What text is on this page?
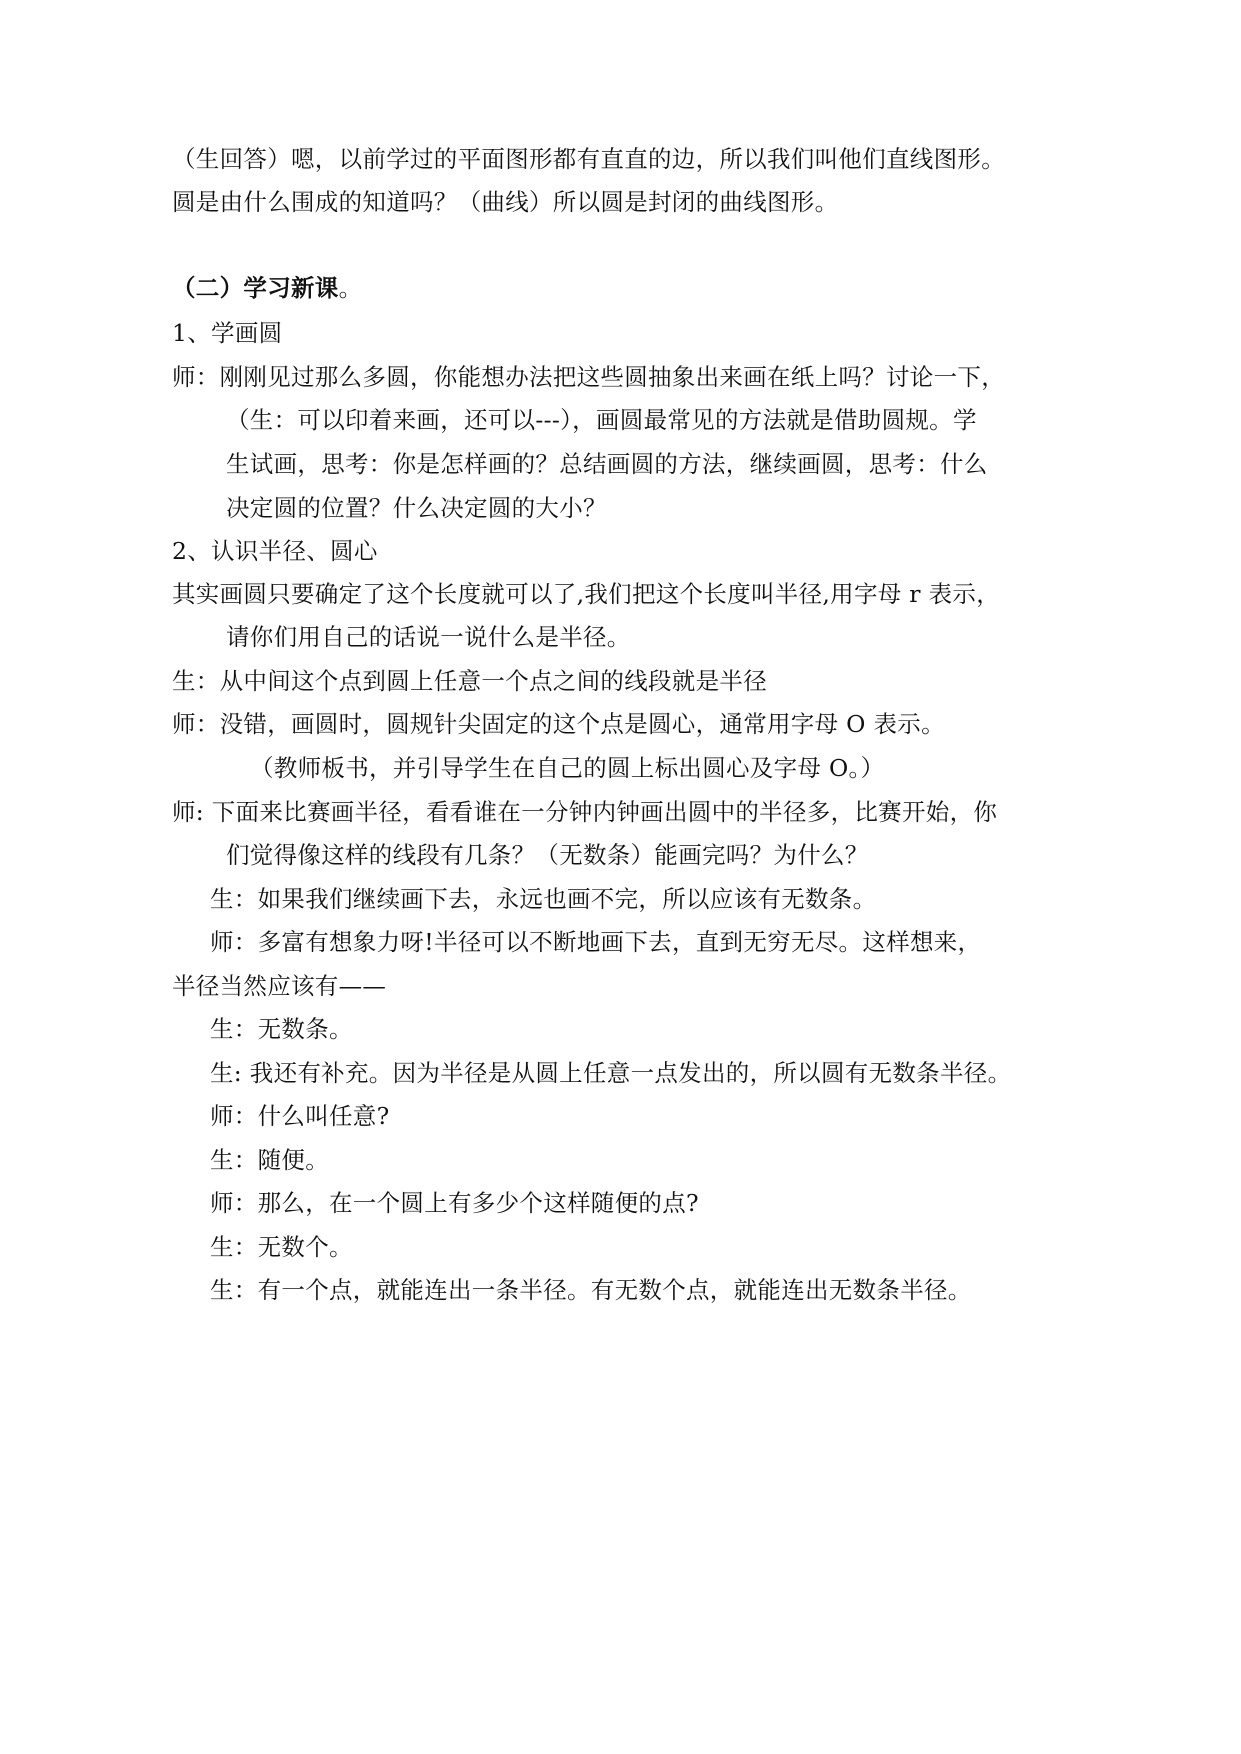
（生回答）嗯，以前学过的平面图形都有直直的边，所以我们叫他们直线图形。
圆是由什么围成的知道吗？（曲线）所以圆是封闭的曲线图形。
（二）学习新课。
1、学画圆
师：刚刚见过那么多圆，你能想办法把这些圆抽象出来画在纸上吗？讨论一下，
（生：可以印着来画，还可以---），画圆最常见的方法就是借助圆规。学
生试画，思考：你是怎样画的？总结画圆的方法，继续画圆，思考：什么
决定圆的位置？什么决定圆的大小？
2、认识半径、圆心
其实画圆只要确定了这个长度就可以了,我们把这个长度叫半径,用字母 r 表示，
请你们用自己的话说一说什么是半径。
生：从中间这个点到圆上任意一个点之间的线段就是半径
师：没错，画圆时，圆规针尖固定的这个点是圆心，通常用字母 O 表示。
（教师板书，并引导学生在自己的圆上标出圆心及字母 O。）
师: 下面来比赛画半径，看看谁在一分钟内钟画出圆中的半径多，比赛开始，你
们觉得像这样的线段有几条？（无数条）能画完吗？为什么？
生：如果我们继续画下去，永远也画不完，所以应该有无数条。
师：多富有想象力呀!半径可以不断地画下去，直到无穷无尽。这样想来，
半径当然应该有——
生：无数条。
生: 我还有补充。因为半径是从圆上任意一点发出的，所以圆有无数条半径。
师：什么叫任意?
生：随便。
师：那么，在一个圆上有多少个这样随便的点?
生：无数个。
生：有一个点，就能连出一条半径。有无数个点，就能连出无数条半径。
